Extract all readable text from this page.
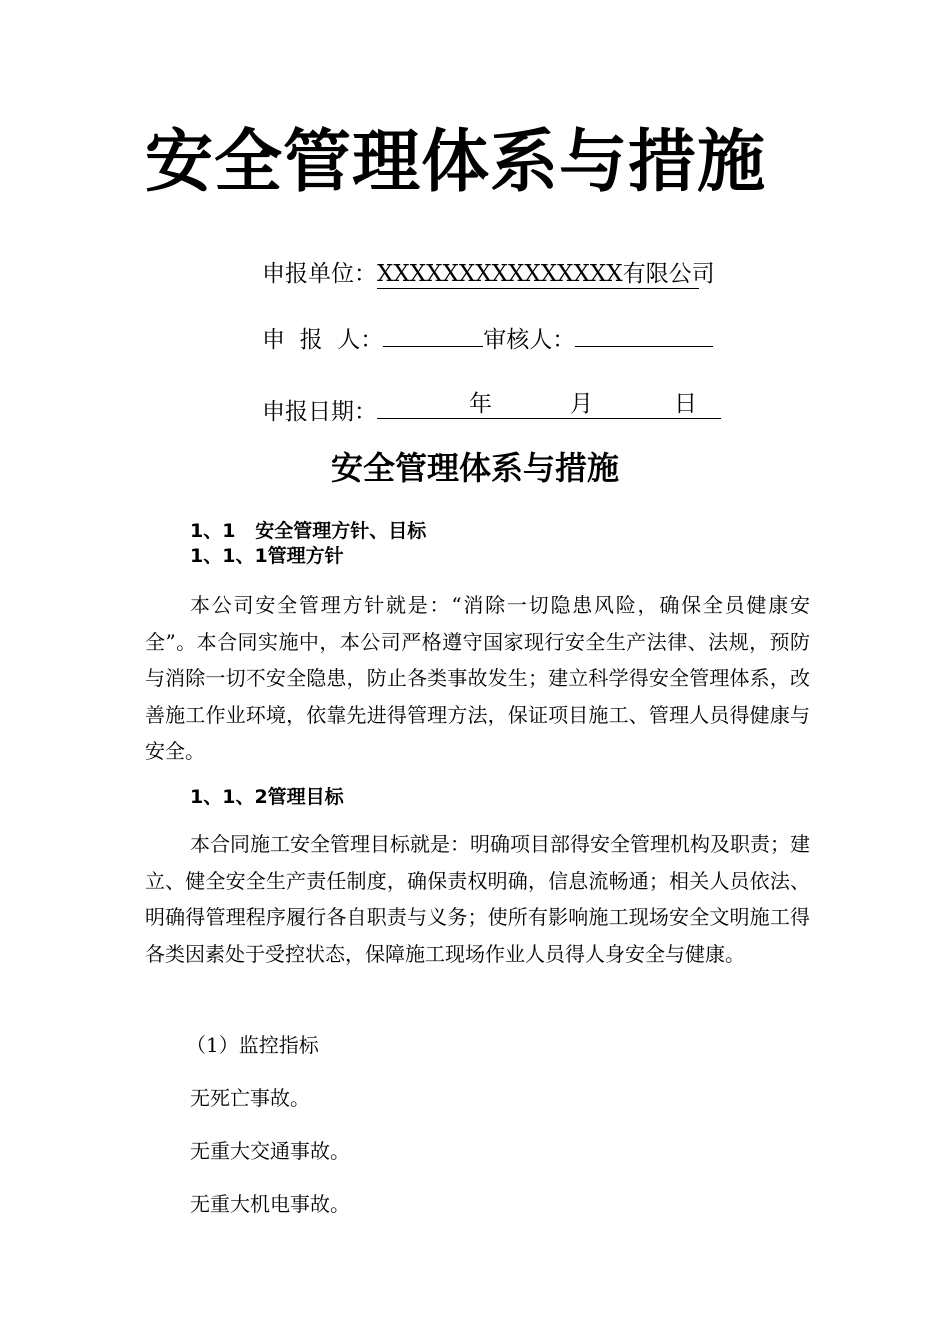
安全管理体系与措施
申报单位：XXXXXXXXXXXXXXX有限公司
申  报  人：	审核人：
申报日期：	年	月	日
安全管理体系与措施
1、1   安全管理方针、目标
1、1、1管理方针

本公司安全管理方针就是：“消除一切隐患风险，确保全员健康安全”。本合同实施中，本公司严格遵守国家现行安全生产法律、法规，预防与消除一切不安全隐患，防止各类事故发生；建立科学得安全管理体系，改善施工作业环境，依靠先进得管理方法，保证项目施工、管理人员得健康与安全。

1、1、2管理目标

本合同施工安全管理目标就是：明确项目部得安全管理机构及职责；建立、健全安全生产责任制度，确保责权明确，信息流畅通；相关人员依法、明确得管理程序履行各自职责与义务；使所有影响施工现场安全文明施工得各类因素处于受控状态，保障施工现场作业人员得人身安全与健康。

（1）监控指标

无死亡事故。

无重大交通事故。

无重大机电事故。
